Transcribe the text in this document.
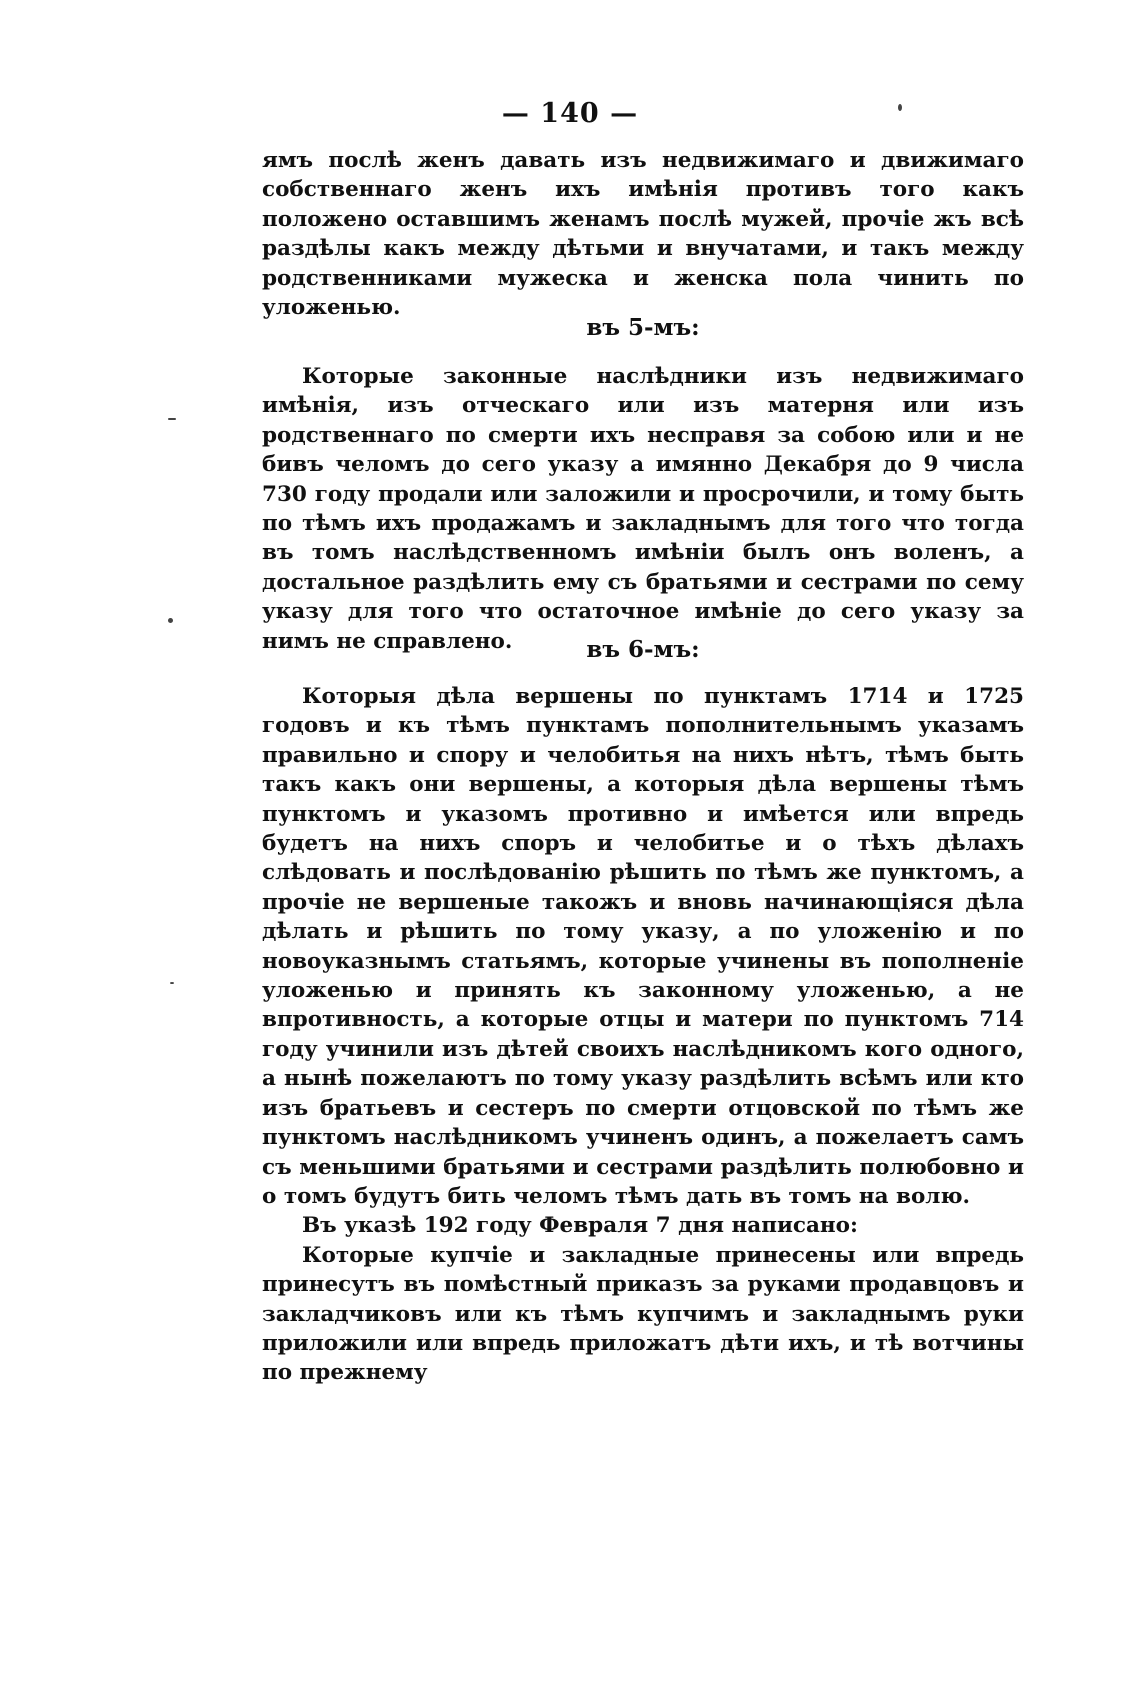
— 140 —

ямъ послѣ женъ давать изъ недвижимаго и движимаго собственнаго женъ ихъ имѣнія противъ того какъ положено оставшимъ женамъ послѣ мужей, прочіе жъ всѣ раздѣлы какъ между дѣтьми и внучатами, и такъ между родственниками мужеска и женска пола чинить по уложенью.

въ 5-мъ:

Которые законные наслѣдники изъ недвижимаго имѣнія, изъ отческаго или изъ матерня или изъ родственнаго по смерти ихъ несправя за собою или и не бивъ челомъ до сего указу а имянно Декабря до 9 числа 730 году продали или заложили и просрочили, и тому быть по тѣмъ ихъ продажамъ и закладнымъ для того что тогда въ томъ наслѣдственномъ имѣніи былъ онъ воленъ, а достальное раздѣлить ему съ братьями и сестрами по сему указу для того что остаточное имѣніе до сего указу за нимъ не справлено.	въ 6-мъ:

Которыя дѣла вершены по пунктамъ 1714 и 1725 годовъ и къ тѣмъ пунктамъ пополнительнымъ указамъ правильно и спору и челобитья на нихъ нѣтъ, тѣмъ быть такъ какъ они вершены, а которыя дѣла вершены тѣмъ пунктомъ и указомъ противно и имѣется или впредь будетъ на нихъ споръ и челобитье и о тѣхъ дѣлахъ слѣдовать и послѣдованію рѣшить по тѣмъ же пунктомъ, а прочіе не вершеные такожъ и вновь начинающіяся дѣла дѣлать и рѣшить по тому указу, а по уложенію и по новоуказнымъ статьямъ, которые учинены въ пополненіе уложенью и принять къ законному уложенью, а не впротивность, а которые отцы и матери по пунктомъ 714 году учинили изъ дѣтей своихъ наслѣдникомъ кого одного, а нынѣ пожелаютъ по тому указу раздѣлить всѣмъ или кто изъ братьевъ и сестеръ по смерти отцовской по тѣмъ же пунктомъ наслѣдникомъ учиненъ одинъ, а пожелаетъ самъ съ меньшими братьями и сестрами раздѣлить полюбовно и о томъ будутъ бить челомъ тѣмъ дать въ томъ на волю.

Въ указѣ 192 году Февраля 7 дня написано:

Которые купчіе и закладные принесены или впредь принесутъ въ помѣстный приказъ за руками продавцовъ и закладчиковъ или къ тѣмъ купчимъ и закладнымъ руки приложили или впредь приложатъ дѣти ихъ, и тѣ вотчины по прежнему
